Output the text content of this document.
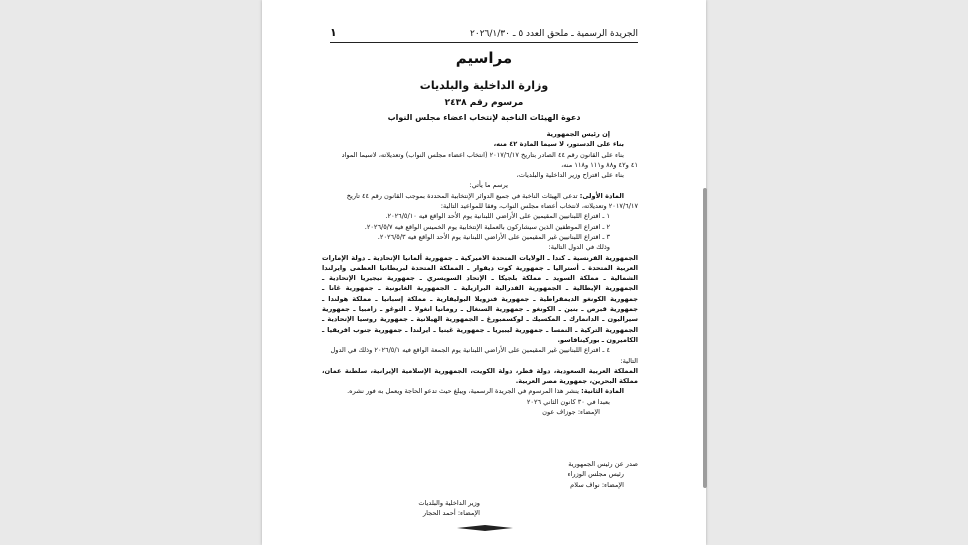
الجريدة الرسمية ـ ملحق العدد ٥ ـ ٢٠٢٦/١/٣٠
١
مراسيم
وزارة الداخلية والبلديات
مرسوم رقم ٢٤٣٨
دعوة الهيئات الناخبة لإنتخاب اعضاء مجلس النواب

إن رئيس الجمهورية

بناء على الدستور، لا سيما المادة ٤٢ منه،

بناء على القانون رقم ٤٤ الصادر بتاريخ ٢٠١٧/٦/١٧ (انتخاب اعضاء مجلس النواب) وتعديلاته، لاسيما المواد

٤١ و٤٢ و٨٨ و١١١ و١١٨ منه،

بناء على اقتراح وزير الداخلية والبلديات،

يرسم ما يأتي:

المادة الأولى: تدعى الهيئات الناخبة في جميع الدوائر الإنتخابية المحددة بموجب القانون رقم ٤٤ تاريخ

٢٠١٧/٦/١٧ وتعديلاته، لانتخاب أعضاء مجلس النواب، وفقا للمواعيد التالية:

١ ـ اقتراع اللبنانيين المقيمين على الأراضي اللبنانية يوم الأحد الواقع فيه ٢٠٢٦/٥/١٠.

٢ ـ اقتراع الموظفين الذين سيشاركون بالعملية الإنتخابية يوم الخميس الواقع فيه ٢٠٢٦/٥/٧.

٣ ـ اقتراع اللبنانيين غير المقيمين على الأراضي اللبنانية يوم الأحد الواقع فيه ٢٠٢٦/٥/٣.

وذلك في الدول التالية:

الجمهورية الفرنسية ـ كندا ـ الولايات المتحدة الاميركية ـ جمهورية ألمانيا الإتحادية ـ دولة الإمارات العربية المتحدة ـ أستراليا ـ جمهورية كوت ديفوار ـ المملكة المتحدة لبريطانيا العظمى وايرلندا الشمالية ـ مملكة السويد ـ مملكة بلجيكا ـ الإتحاد السويسري ـ جمهورية نيجيريا الإتحادية ـ الجمهورية الإيطالية ـ الجمهورية الفدرالية البرازيلية ـ الجمهورية الغابونية ـ جمهورية غانا ـ جمهورية الكونغو الديمقراطية ـ جمهورية فنزويلا البوليفارية ـ مملكة إسبانيا ـ مملكة هولندا ـ جمهورية قبرص ـ بنين ـ الكونغو ـ جمهورية السنغال ـ رومانيا انغولا ـ التوغو ـ زامبيا ـ جمهورية سيراليون ـ الدانمارك ـ المكسيك ـ لوكسمبورغ ـ الجمهورية الهيلانية ـ جمهورية روسيا الإتحادية ـ الجمهورية التركية ـ النمسا ـ جمهورية ليبيريا ـ جمهورية غينيا ـ ايرلندا ـ جمهورية جنوب افريقيا ـ الكاميرون ـ بوركينافاسو.

٤ ـ اقتراع اللبنانيين غير المقيمين على الأراضي اللبنانية يوم الجمعة الواقع فيه ٢٠٢٦/٥/١ وذلك في الدول

التالية:

المملكة العربية السعودية، دولة قطر، دولة الكويت، الجمهورية الإسلامية الإيرانية، سلطنة عمان، مملكة البحرين، جمهورية مصر العربية.

المادة الثانية: ينشر هذا المرسوم في الجريدة الرسمية، ويبلغ حيث تدعو الحاجة ويعمل به فور نشره.

بعبدا في ٣٠ كانون الثاني ٢٠٢٦

الإمضاء: جوزاف عون

صدر عن رئيس الجمهورية

رئيس مجلس الوزراء

الإمضاء: نواف سلام

وزير الداخلية والبلديات

الإمضاء: أحمد الحجار
